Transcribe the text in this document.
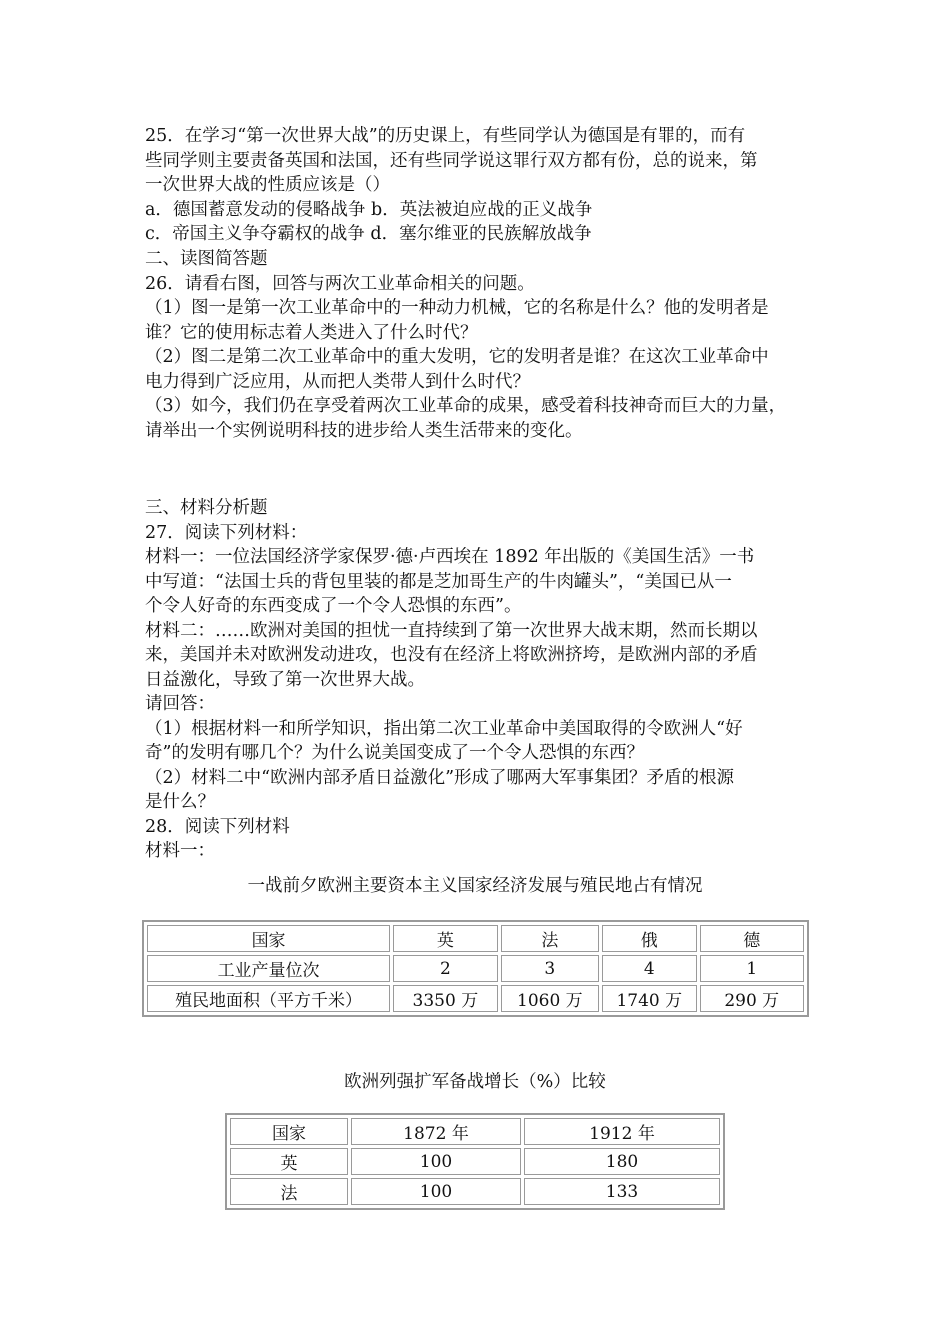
25．在学习“第一次世界大战”的历史课上，有些同学认为德国是有罪的，而有
些同学则主要责备英国和法国，还有些同学说这罪行双方都有份，总的说来，第
一次世界大战的性质应该是（）
a．德国蓄意发动的侵略战争 b．英法被迫应战的正义战争
c．帝国主义争夺霸权的战争 d．塞尔维亚的民族解放战争
二、读图简答题
26．请看右图，回答与两次工业革命相关的问题。
（1）图一是第一次工业革命中的一种动力机械，它的名称是什么？他的发明者是
谁？它的使用标志着人类进入了什么时代？
（2）图二是第二次工业革命中的重大发明，它的发明者是谁？在这次工业革命中
电力得到广泛应用，从而把人类带人到什么时代？
（3）如今，我们仍在享受着两次工业革命的成果，感受着科技神奇而巨大的力量，
请举出一个实例说明科技的进步给人类生活带来的变化。
三、材料分析题
27．阅读下列材料：
材料一：一位法国经济学家保罗·德·卢西埃在 1892 年出版的《美国生活》一书
中写道：“法国士兵的背包里装的都是芝加哥生产的牛肉罐头”，“美国已从一
个令人好奇的东西变成了一个令人恐惧的东西”。
材料二：……欧洲对美国的担忧一直持续到了第一次世界大战末期，然而长期以
来，美国并未对欧洲发动进攻，也没有在经济上将欧洲挤垮，是欧洲内部的矛盾
日益激化，导致了第一次世界大战。
请回答：
（1）根据材料一和所学知识，指出第二次工业革命中美国取得的令欧洲人“好
奇”的发明有哪几个？为什么说美国变成了一个令人恐惧的东西？
（2）材料二中“欧洲内部矛盾日益激化”形成了哪两大军事集团？矛盾的根源
是什么？
28．阅读下列材料
材料一：
一战前夕欧洲主要资本主义国家经济发展与殖民地占有情况
国家	英	法	俄	德
工业产量位次	2	3	4	1
殖民地面积（平方千米）	3350 万	1060 万	1740 万	290 万
欧洲列强扩军备战增长（%）比较
国家	1872 年	1912 年
英	100	180
法	100	133
